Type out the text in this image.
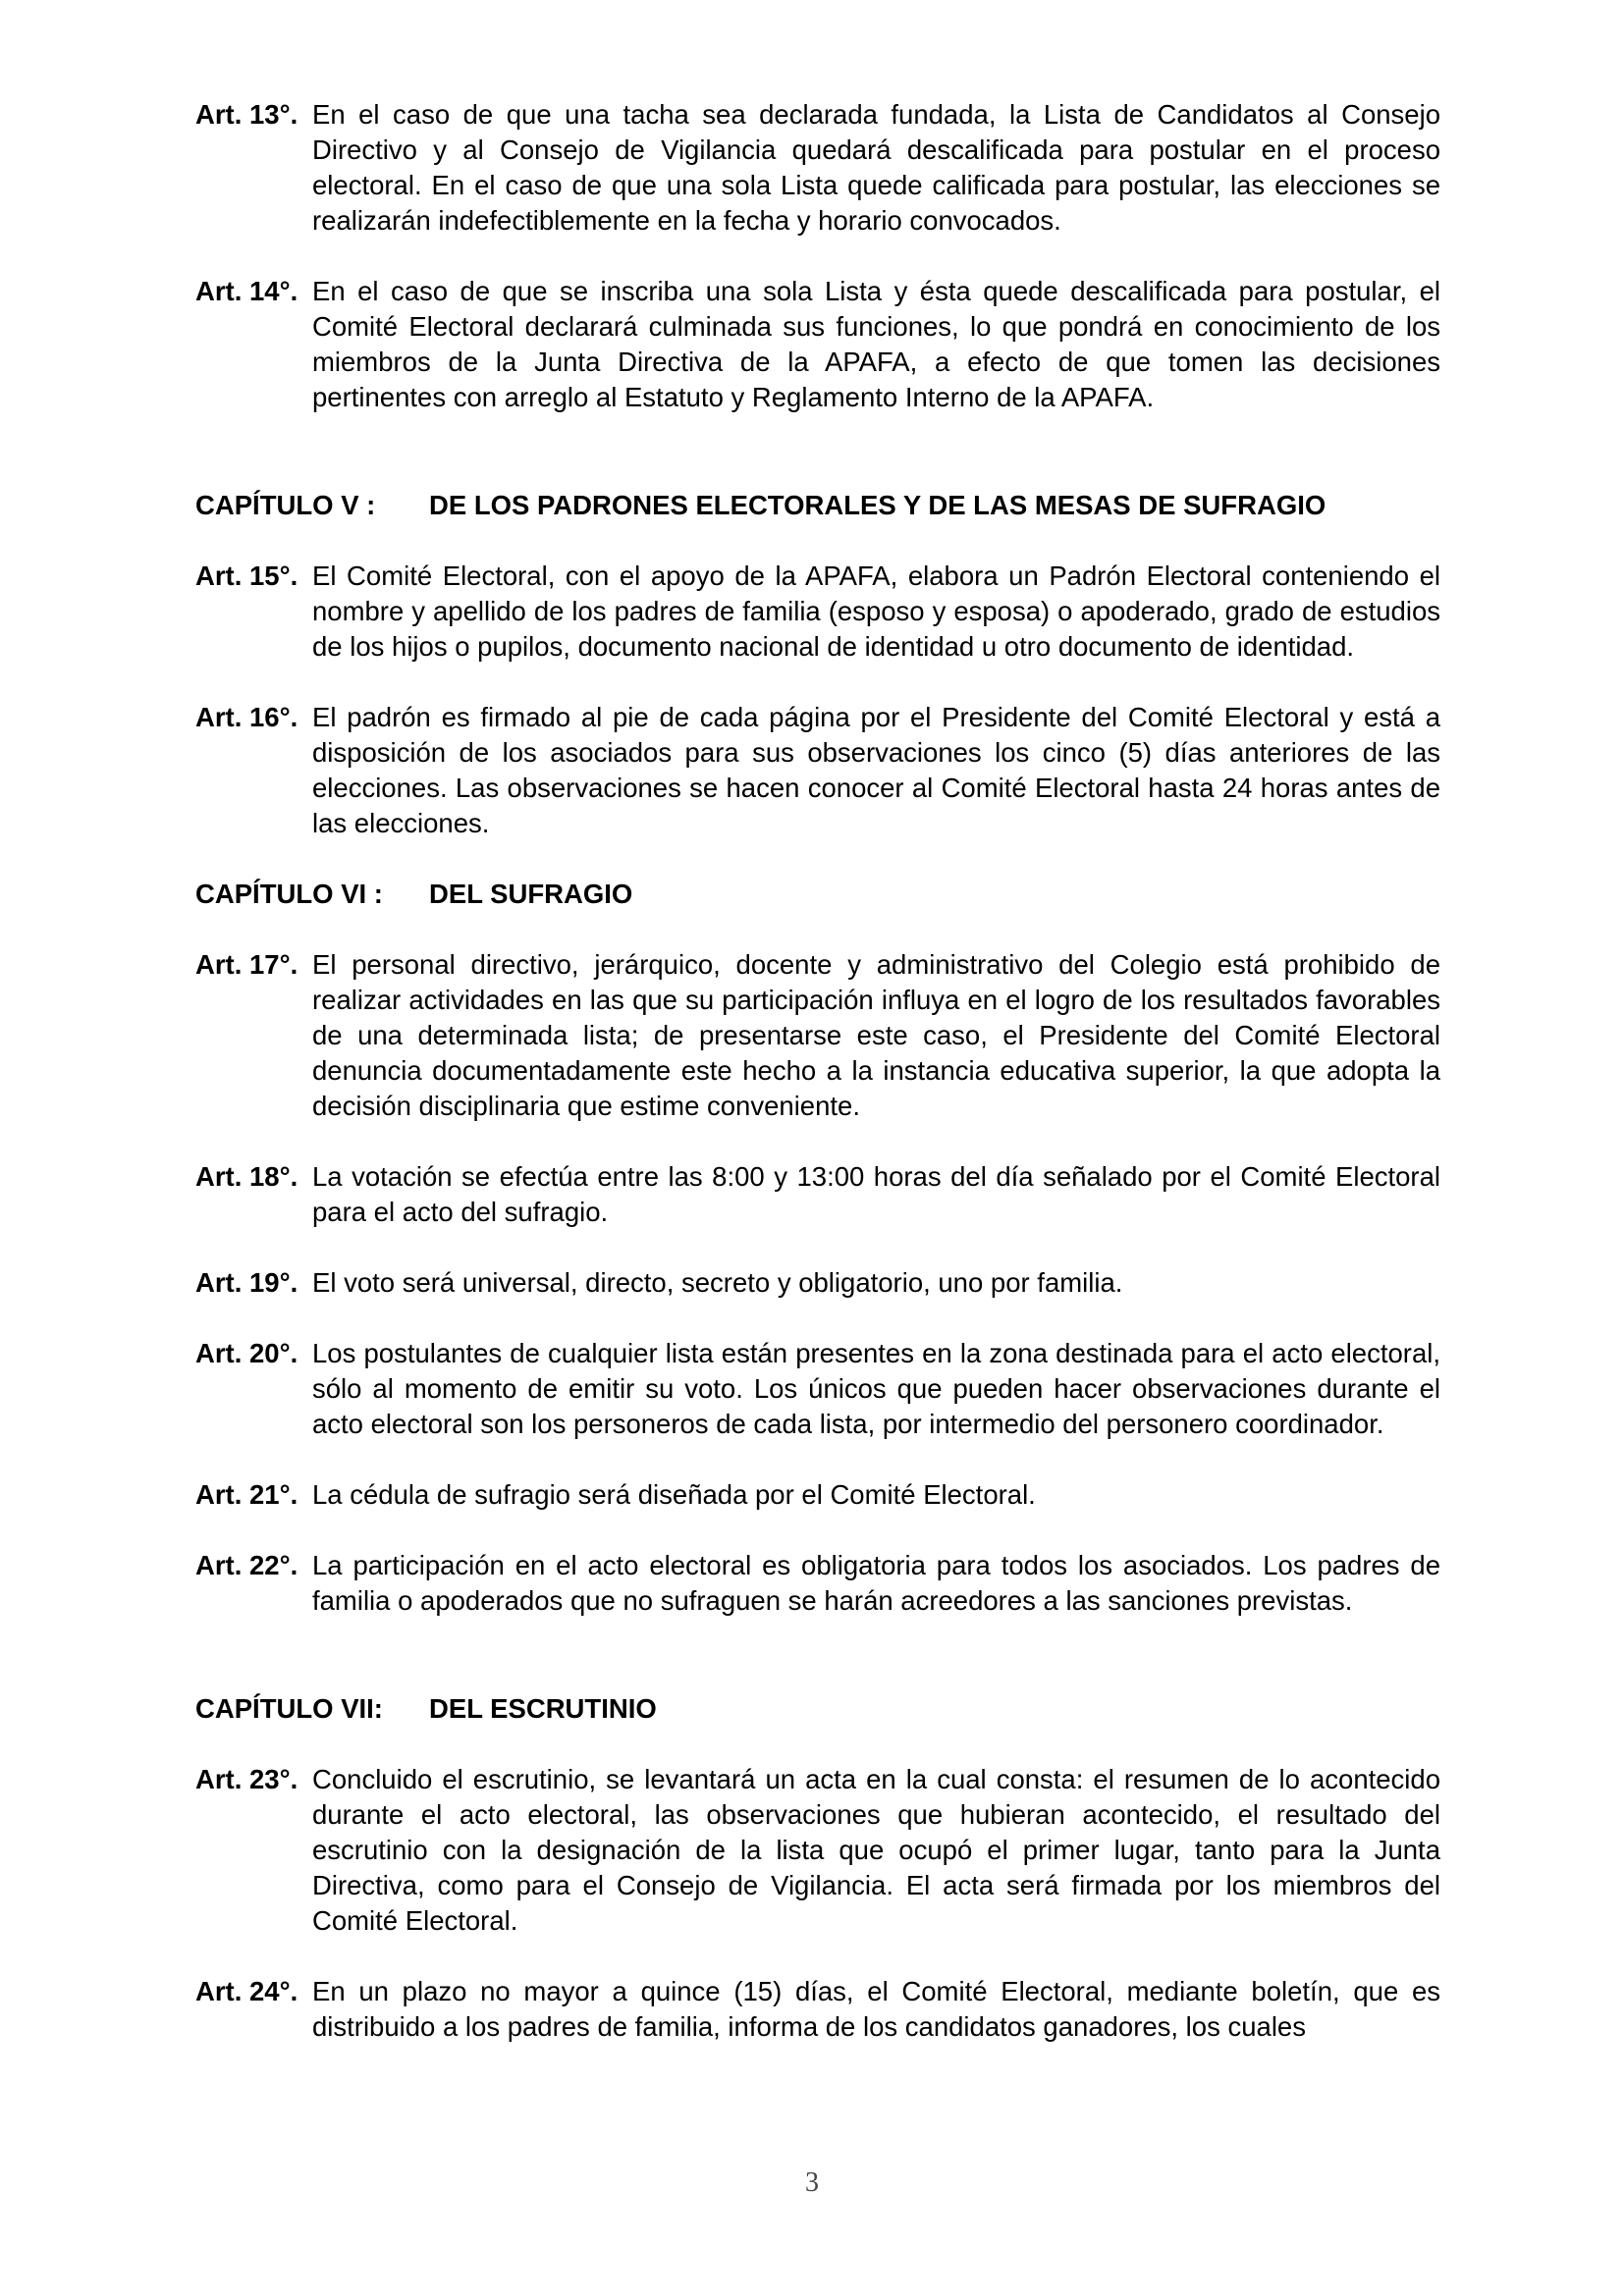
Art. 13°. En el caso de que una tacha sea declarada fundada, la Lista de Candidatos al Consejo Directivo y al Consejo de Vigilancia quedará descalificada para postular en el proceso electoral. En el caso de que una sola Lista quede calificada para postular, las elecciones se realizarán indefectiblemente en la fecha y horario convocados.
Art. 14°. En el caso de que se inscriba una sola Lista y ésta quede descalificada para postular, el Comité Electoral declarará culminada sus funciones, lo que pondrá en conocimiento de los miembros de la Junta Directiva de la APAFA, a efecto de que tomen las decisiones pertinentes con arreglo al Estatuto y Reglamento Interno de la APAFA.
CAPÍTULO V :	DE LOS PADRONES ELECTORALES Y DE LAS MESAS DE SUFRAGIO
Art. 15°. El Comité Electoral, con el apoyo de la APAFA, elabora un Padrón Electoral conteniendo el nombre y apellido de los padres de familia (esposo y esposa) o apoderado, grado de estudios de los hijos o pupilos, documento nacional de identidad u otro documento de identidad.
Art. 16°. El padrón es firmado al pie de cada página por el Presidente del Comité Electoral y está a disposición de los asociados para sus observaciones los cinco (5) días anteriores de las elecciones. Las observaciones se hacen conocer al Comité Electoral hasta 24 horas antes de las elecciones.
CAPÍTULO VI :	DEL SUFRAGIO
Art. 17°. El personal directivo, jerárquico, docente y administrativo del Colegio está prohibido de realizar actividades en las que su participación influya en el logro de los resultados favorables de una determinada lista; de presentarse este caso, el Presidente del Comité Electoral denuncia documentadamente este hecho a la instancia educativa superior, la que adopta la decisión disciplinaria que estime conveniente.
Art. 18°. La votación se efectúa entre las 8:00 y 13:00 horas del día señalado por el Comité Electoral para el acto del sufragio.
Art. 19°. El voto será universal, directo, secreto y obligatorio, uno por familia.
Art. 20°. Los postulantes de cualquier lista están presentes en la zona destinada para el acto electoral, sólo al momento de emitir su voto. Los únicos que pueden hacer observaciones durante el acto electoral son los personeros de cada lista, por intermedio del personero coordinador.
Art. 21°. La cédula de sufragio será diseñada por el Comité Electoral.
Art. 22°. La participación en el acto electoral es obligatoria para todos los asociados. Los padres de familia o apoderados que no sufraguen se harán acreedores a las sanciones previstas.
CAPÍTULO VII:	DEL ESCRUTINIO
Art. 23°. Concluido el escrutinio, se levantará un acta en la cual consta: el resumen de lo acontecido durante el acto electoral, las observaciones que hubieran acontecido, el resultado del escrutinio con la designación de la lista que ocupó el primer lugar, tanto para la Junta Directiva, como para el Consejo de Vigilancia. El acta será firmada por los miembros del Comité Electoral.
Art. 24°. En un plazo no mayor a quince (15) días, el Comité Electoral, mediante boletín, que es distribuido a los padres de familia, informa de los candidatos ganadores, los cuales
3
